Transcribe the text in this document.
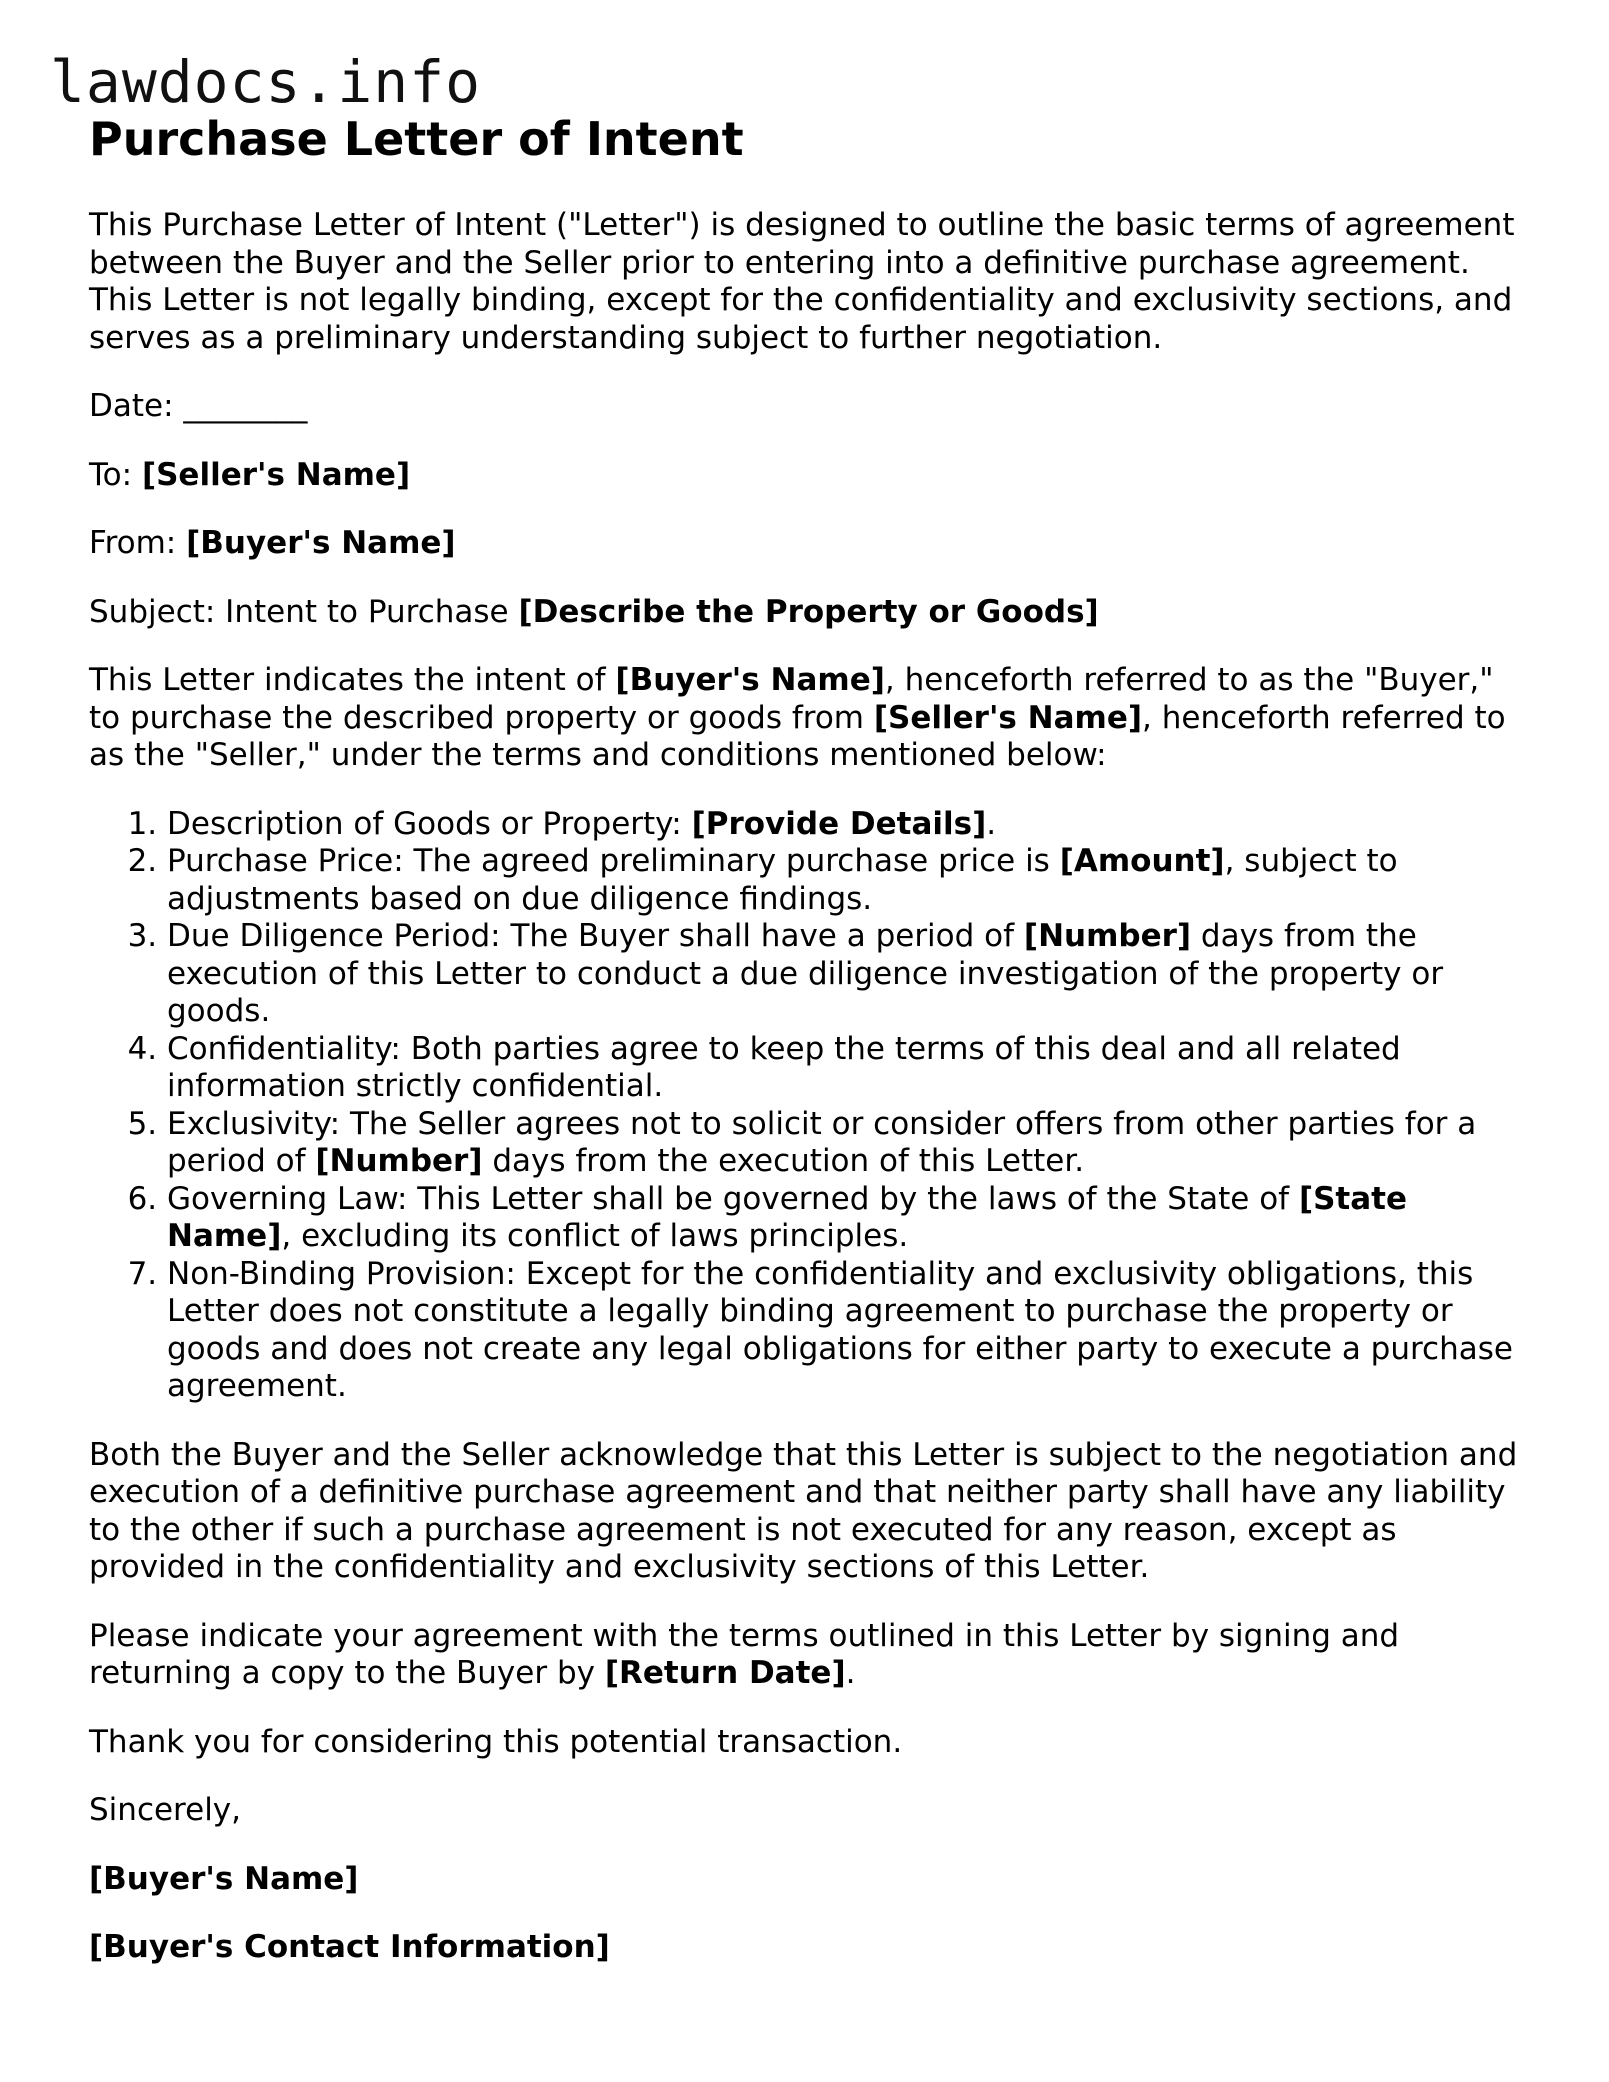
lawdocs.info
Purchase Letter of Intent

This Purchase Letter of Intent ("Letter") is designed to outline the basic terms of agreement between the Buyer and the Seller prior to entering into a definitive purchase agreement. This Letter is not legally binding, except for the confidentiality and exclusivity sections, and serves as a preliminary understanding subject to further negotiation.

Date: ________

To: [Seller's Name]

From: [Buyer's Name]

Subject: Intent to Purchase [Describe the Property or Goods]

This Letter indicates the intent of [Buyer's Name], henceforth referred to as the "Buyer," to purchase the described property or goods from [Seller's Name], henceforth referred to as the "Seller," under the terms and conditions mentioned below:

1. Description of Goods or Property: [Provide Details].
2. Purchase Price: The agreed preliminary purchase price is [Amount], subject to adjustments based on due diligence findings.
3. Due Diligence Period: The Buyer shall have a period of [Number] days from the execution of this Letter to conduct a due diligence investigation of the property or goods.
4. Confidentiality: Both parties agree to keep the terms of this deal and all related information strictly confidential.
5. Exclusivity: The Seller agrees not to solicit or consider offers from other parties for a period of [Number] days from the execution of this Letter.
6. Governing Law: This Letter shall be governed by the laws of the State of [State Name], excluding its conflict of laws principles.
7. Non-Binding Provision: Except for the confidentiality and exclusivity obligations, this Letter does not constitute a legally binding agreement to purchase the property or goods and does not create any legal obligations for either party to execute a purchase agreement.

Both the Buyer and the Seller acknowledge that this Letter is subject to the negotiation and execution of a definitive purchase agreement and that neither party shall have any liability to the other if such a purchase agreement is not executed for any reason, except as provided in the confidentiality and exclusivity sections of this Letter.

Please indicate your agreement with the terms outlined in this Letter by signing and returning a copy to the Buyer by [Return Date].

Thank you for considering this potential transaction.

Sincerely,

[Buyer's Name]

[Buyer's Contact Information]
